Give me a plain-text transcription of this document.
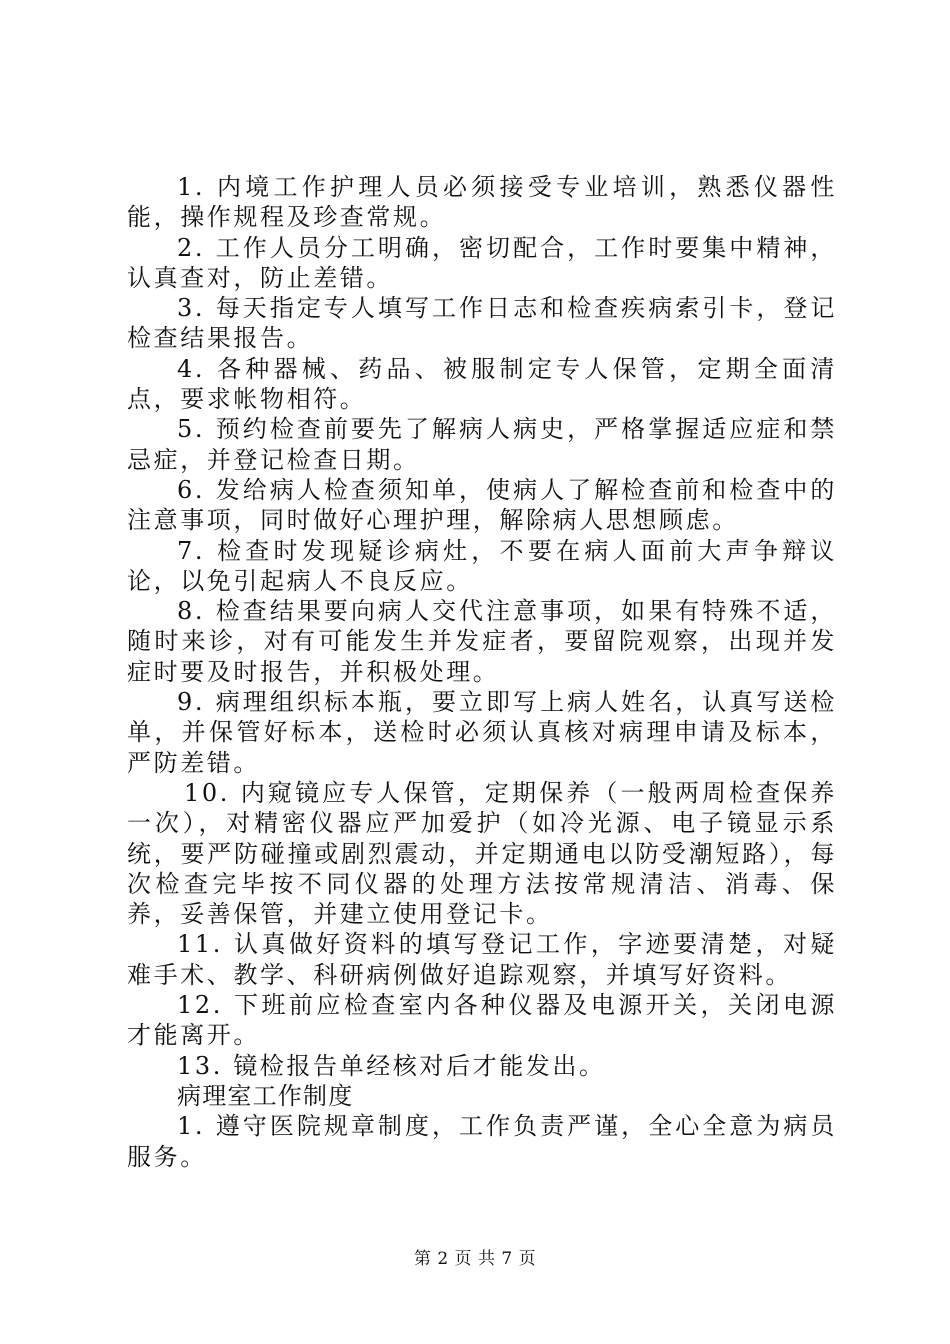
1. 内境工作护理人员必须接受专业培训，熟悉仪器性能，操作规程及珍查常规。

2. 工作人员分工明确，密切配合，工作时要集中精神，认真查对，防止差错。

3. 每天指定专人填写工作日志和检查疾病索引卡，登记检查结果报告。

4. 各种器械、药品、被服制定专人保管，定期全面清点，要求帐物相符。

5. 预约检查前要先了解病人病史，严格掌握适应症和禁忌症，并登记检查日期。

6. 发给病人检查须知单，使病人了解检查前和检查中的注意事项，同时做好心理护理，解除病人思想顾虑。

7. 检查时发现疑诊病灶，不要在病人面前大声争辩议论，以免引起病人不良反应。

8. 检查结果要向病人交代注意事项，如果有特殊不适，随时来诊，对有可能发生并发症者，要留院观察，出现并发症时要及时报告，并积极处理。

9. 病理组织标本瓶，要立即写上病人姓名，认真写送检单，并保管好标本，送检时必须认真核对病理申请及标本，严防差错。

10. 内窥镜应专人保管，定期保养（一般两周检查保养一次），对精密仪器应严加爱护（如冷光源、电子镜显示系统，要严防碰撞或剧烈震动，并定期通电以防受潮短路），每次检查完毕按不同仪器的处理方法按常规清洁、消毒、保养，妥善保管，并建立使用登记卡。

11. 认真做好资料的填写登记工作，字迹要清楚，对疑难手术、教学、科研病例做好追踪观察，并填写好资料。

12. 下班前应检查室内各种仪器及电源开关，关闭电源才能离开。

13. 镜检报告单经核对后才能发出。

病理室工作制度

1. 遵守医院规章制度，工作负责严谨，全心全意为病员服务。

第 2 页 共 7 页
